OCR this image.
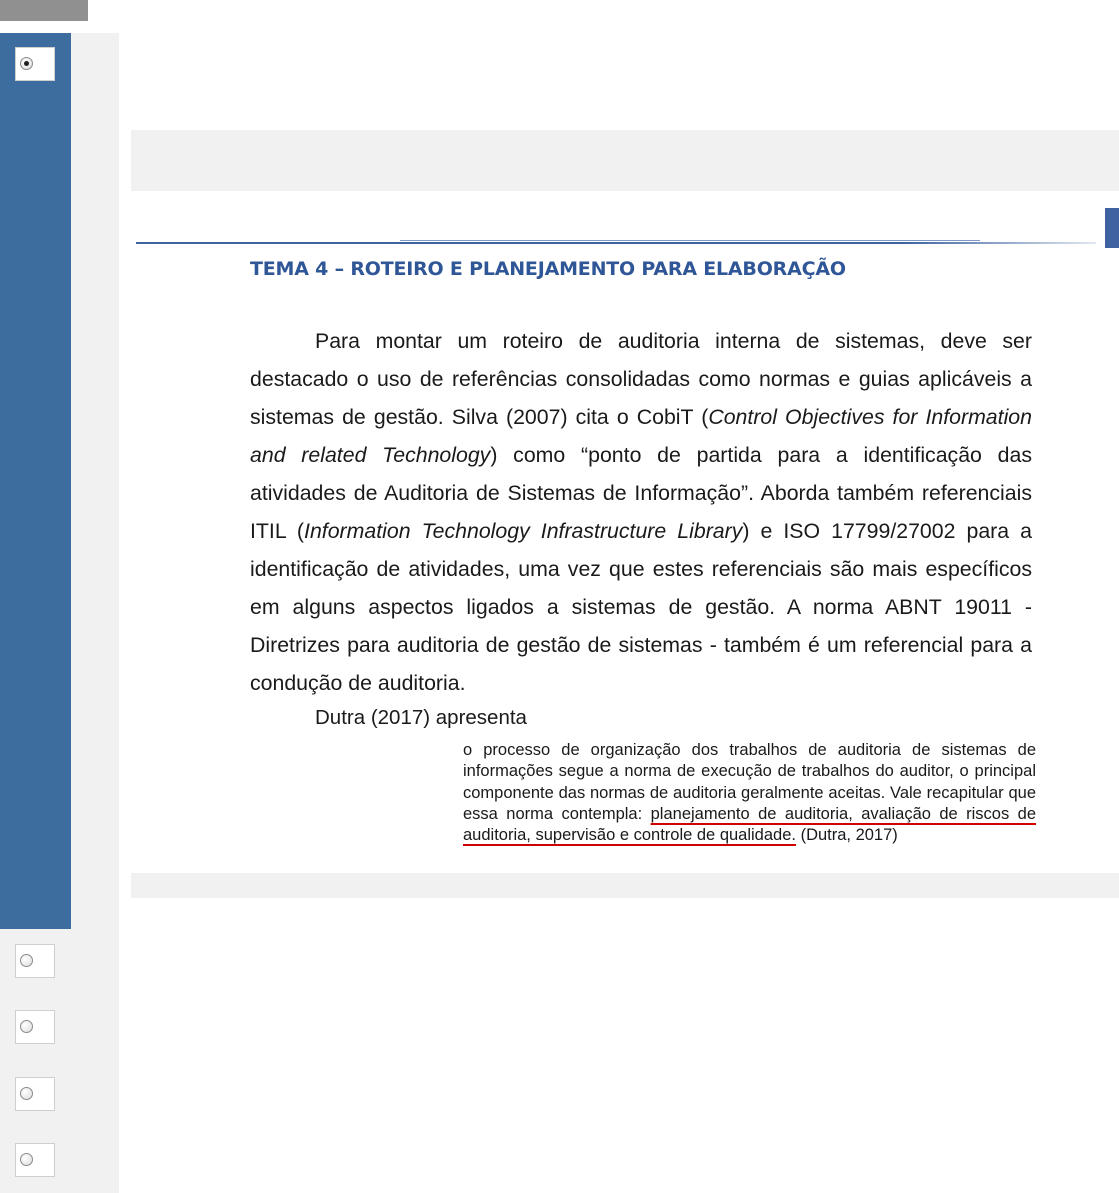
TEMA 4 – ROTEIRO E PLANEJAMENTO PARA ELABORAÇÃO

Para montar um roteiro de auditoria interna de sistemas, deve ser destacado o uso de referências consolidadas como normas e guias aplicáveis a sistemas de gestão. Silva (2007) cita o CobiT (Control Objectives for Information and related Technology) como “ponto de partida para a identificação das atividades de Auditoria de Sistemas de Informação”. Aborda também referenciais ITIL (Information Technology Infrastructure Library) e ISO 17799/27002 para a identificação de atividades, uma vez que estes referenciais são mais específicos em alguns aspectos ligados a sistemas de gestão. A norma ABNT 19011 - Diretrizes para auditoria de gestão de sistemas - também é um referencial para a condução de auditoria.

Dutra (2017) apresenta

o processo de organização dos trabalhos de auditoria de sistemas de informações segue a norma de execução de trabalhos do auditor, o principal componente das normas de auditoria geralmente aceitas. Vale recapitular que essa norma contempla: planejamento de auditoria, avaliação de riscos de auditoria, supervisão e controle de qualidade. (Dutra, 2017)
